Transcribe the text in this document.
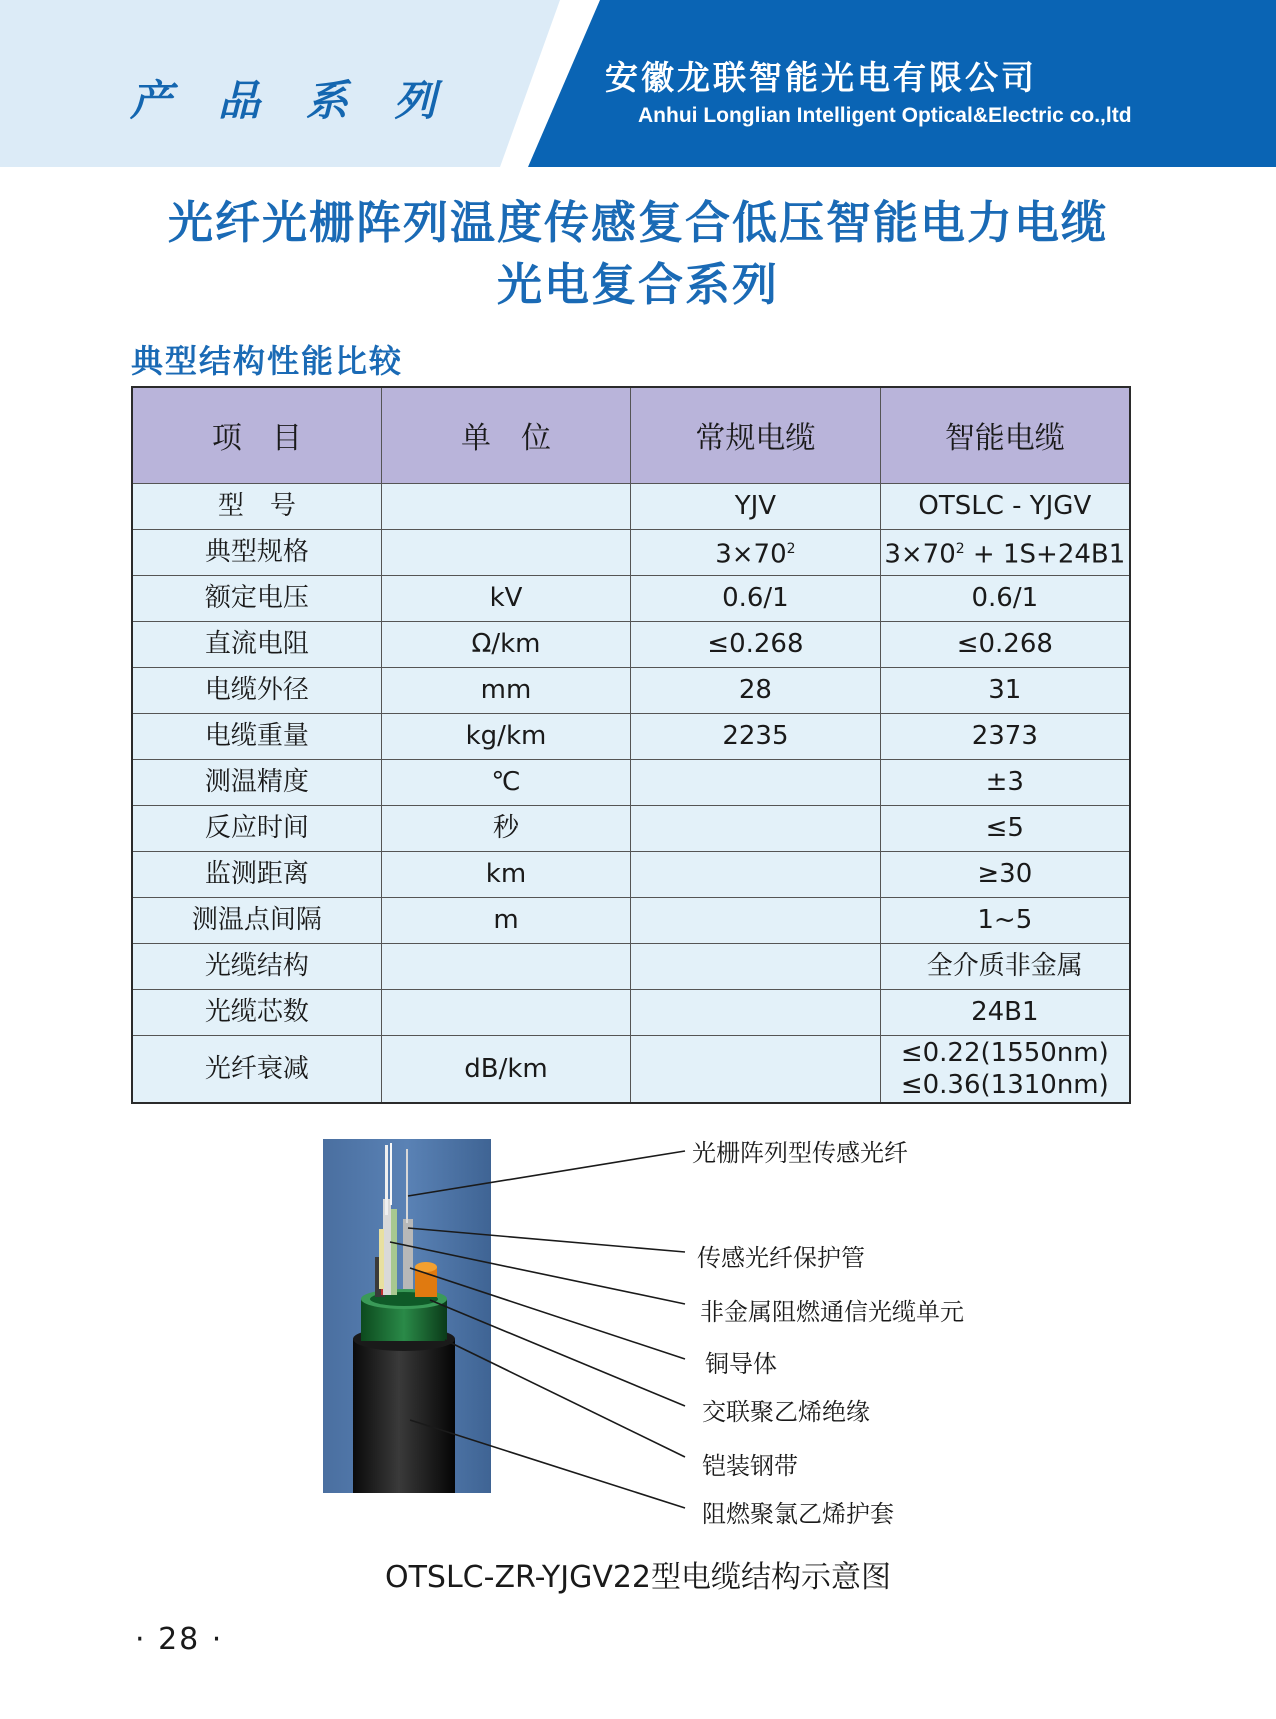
产品系列	安徽龙联智能光电有限公司
Anhui Longlian Intelligent Optical&Electric co.,ltd
光纤光栅阵列温度传感复合低压智能电力电缆
光电复合系列
典型结构性能比较
项　目	单　位	常规电缆	智能电缆
型　号		YJV	OTSLC - YJGV
典型规格		$3\times 70^2$	$3\times 70^2 + 1S+24B1$
额定电压	kV	0.6/1	0.6/1
直流电阻	Ω/km	≤0.268	≤0.268
电缆外径	mm	28	31
电缆重量	kg/km	2235	2373
测温精度	℃		±3
反应时间	秒		≤5
监测距离	km		≥30
测温点间隔	m		1~5
光缆结构			全介质非金属
光缆芯数			24B1
光纤衰减	dB/km		≤0.22(1550nm)
≤0.36(1310nm)
光栅阵列型传感光纤
传感光纤保护管
非金属阻燃通信光缆单元
铜导体
交联聚乙烯绝缘
铠装钢带
阻燃聚氯乙烯护套
OTSLC-ZR-YJGV22型电缆结构示意图
· 28 ·
